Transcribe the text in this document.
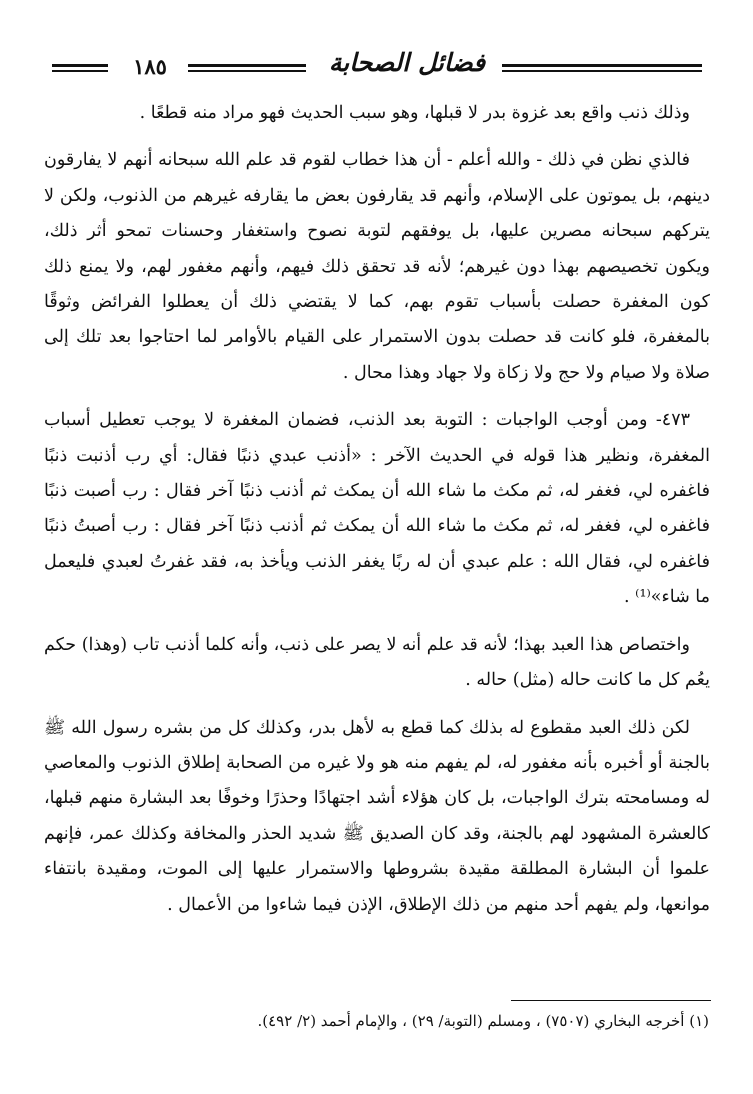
١٨٥	فضائل الصحابة

وذلك ذنب واقع بعد غزوة بدر لا قبلها، وهو سبب الحديث فهو مراد منه قطعًا .

فالذي نظن في ذلك - والله أعلم - أن هذا خطاب لقوم قد علم الله سبحانه أنهم لا يفارقون دينهم، بل يموتون على الإسلام، وأنهم قد يقارفون بعض ما يقارفه غيرهم من الذنوب، ولكن لا يتركهم سبحانه مصرين عليها، بل يوفقهم لتوبة نصوح واستغفار وحسنات تمحو أثر ذلك، ويكون تخصيصهم بهذا دون غيرهم؛ لأنه قد تحقق ذلك فيهم، وأنهم مغفور لهم، ولا يمنع ذلك كون المغفرة حصلت بأسباب تقوم بهم، كما لا يقتضي ذلك أن يعطلوا الفرائض وثوقًا بالمغفرة، فلو كانت قد حصلت بدون الاستمرار على القيام بالأوامر لما احتاجوا بعد تلك إلى صلاة ولا صيام ولا حج ولا زكاة ولا جهاد وهذا محال .

٤٧٣- ومن أوجب الواجبات : التوبة بعد الذنب، فضمان المغفرة لا يوجب تعطيل أسباب المغفرة، ونظير هذا قوله في الحديث الآخر : «أذنب عبدي ذنبًا فقال: أي رب أذنبت ذنبًا فاغفره لي، فغفر له، ثم مكث ما شاء الله أن يمكث ثم أذنب ذنبًا آخر فقال : رب أصبت ذنبًا فاغفره لي، فغفر له، ثم مكث ما شاء الله أن يمكث ثم أذنب ذنبًا آخر فقال : رب أصبتُ ذنبًا فاغفره لي، فقال الله : علم عبدي أن له ربًا يغفر الذنب ويأخذ به، فقد غفرتُ لعبدي فليعمل ما شاء»⁽¹⁾ .

واختصاص هذا العبد بهذا؛ لأنه قد علم أنه لا يصر على ذنب، وأنه كلما أذنب تاب (وهذا) حكم يعُم كل ما كانت حاله (مثل) حاله .

لكن ذلك العبد مقطوع له بذلك كما قطع به لأهل بدر، وكذلك كل من بشره رسول الله ﷺ بالجنة أو أخبره بأنه مغفور له، لم يفهم منه هو ولا غيره من الصحابة إطلاق الذنوب والمعاصي له ومسامحته بترك الواجبات، بل كان هؤلاء أشد اجتهادًا وحذرًا وخوفًا بعد البشارة منهم قبلها، كالعشرة المشهود لهم بالجنة، وقد كان الصديق ﷺ شديد الحذر والمخافة وكذلك عمر، فإنهم علموا أن البشارة المطلقة مقيدة بشروطها والاستمرار عليها إلى الموت، ومقيدة بانتفاء موانعها، ولم يفهم أحد منهم من ذلك الإطلاق، الإذن فيما شاءوا من الأعمال .

(١) أخرجه البخاري (٧٥٠٧) ، ومسلم (التوبة/ ٢٩) ، والإمام أحمد (٢/ ٤٩٢).
